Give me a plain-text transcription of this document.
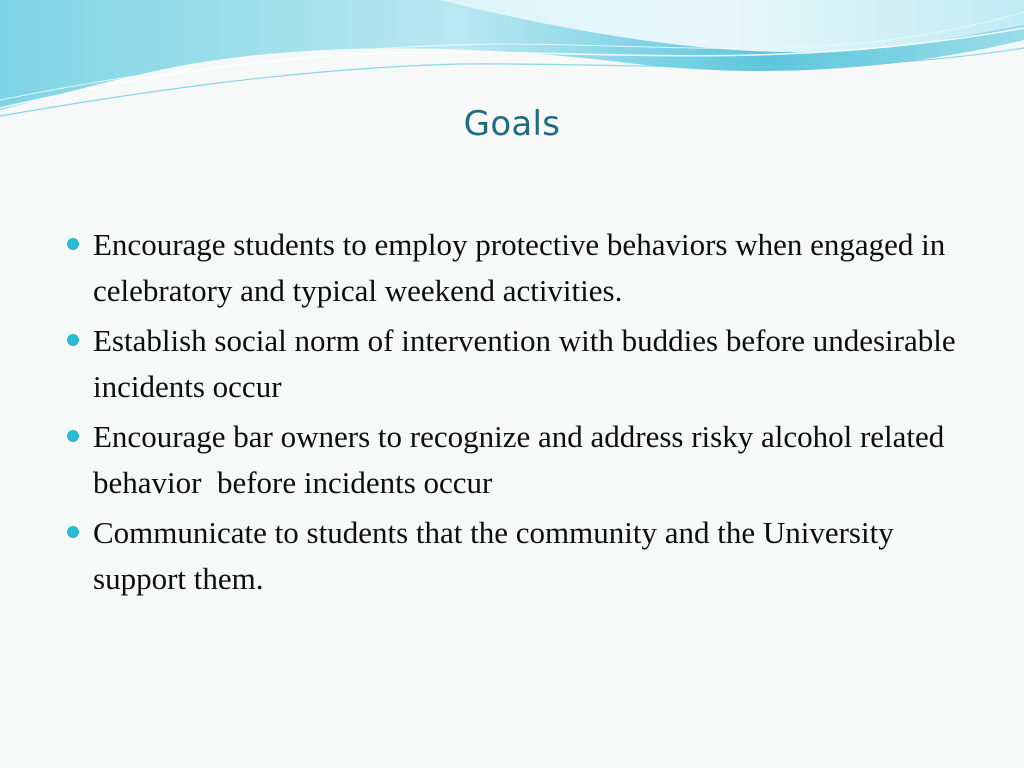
Goals
Encourage students to employ protective behaviors when engaged in celebratory and typical weekend activities.
Establish social norm of intervention with buddies before undesirable incidents occur
Encourage bar owners to recognize and address risky alcohol related behavior  before incidents occur
Communicate to students that the community and the University support them.
